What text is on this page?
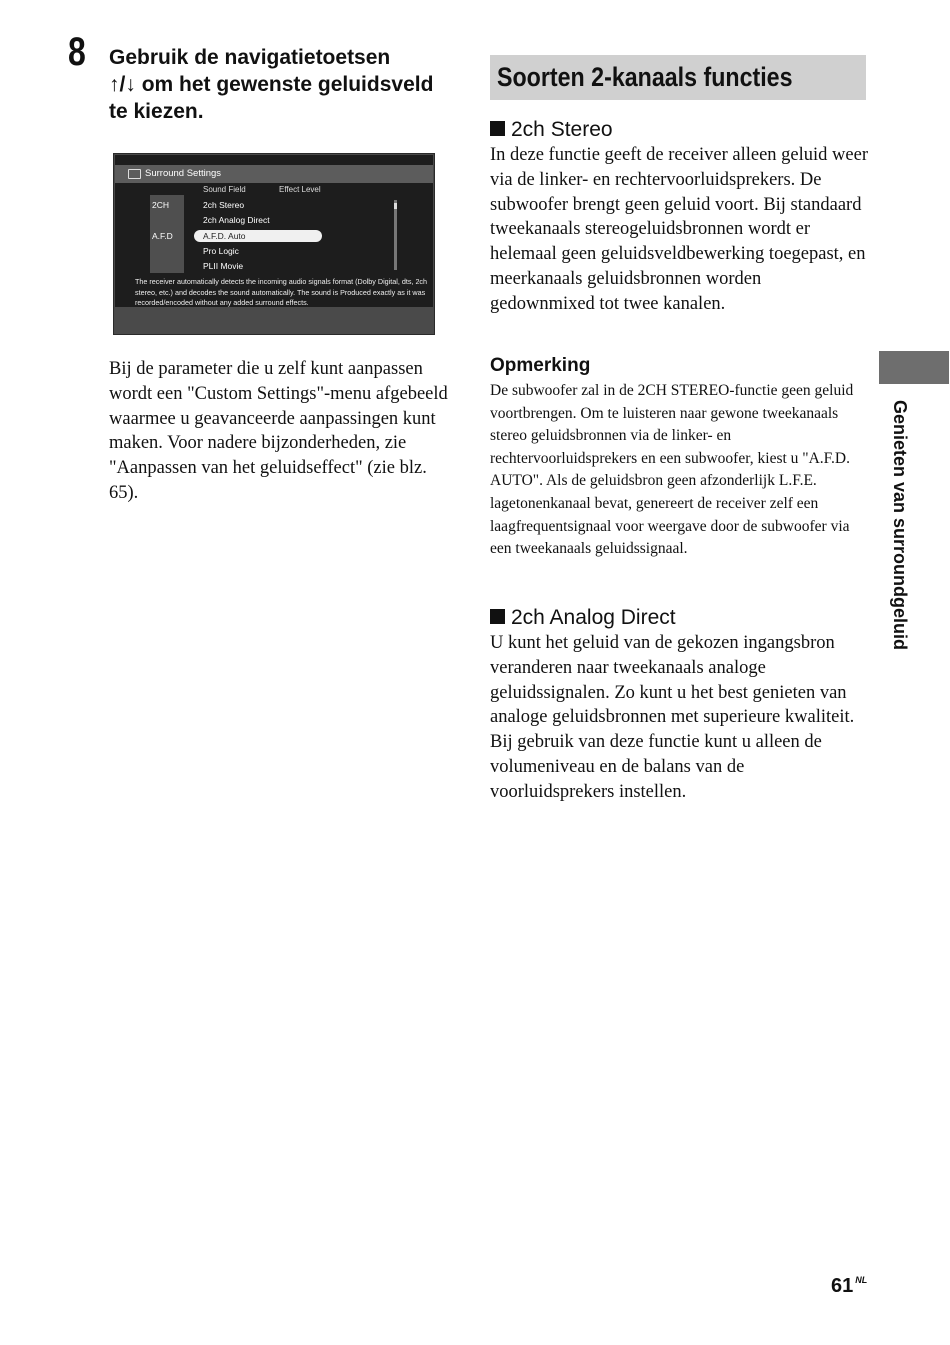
8 Gebruik de navigatietoetsen
↑/↓ om het gewenste geluidsveld te kiezen.

Surround Settings
Sound Field	Effect Level
2CH
A.F.D
2ch Stereo
2ch Analog Direct
A.F.D. Auto
Pro Logic
PLII Movie
The receiver automatically detects the incoming audio signals format (Dolby Digital, dts, 2ch stereo, etc.) and decodes the sound automatically. The sound is Produced exactly as it was recorded/encoded without any added surround effects.

Bij de parameter die u zelf kunt aanpassen wordt een "Custom Settings"-menu afgebeeld waarmee u geavanceerde aanpassingen kunt maken. Voor nadere bijzonderheden, zie "Aanpassen van het geluidseffect" (zie blz. 65).

Soorten 2-kanaals functies
2ch Stereo

In deze functie geeft de receiver alleen geluid weer via de linker- en rechtervoorluidsprekers. De subwoofer brengt geen geluid voort. Bij standaard tweekanaals stereogeluidsbronnen wordt er helemaal geen geluidsveldbewerking toegepast, en meerkanaals geluidsbronnen worden gedownmixed tot twee kanalen.

Opmerking

De subwoofer zal in de 2CH STEREO-functie geen geluid voortbrengen. Om te luisteren naar gewone tweekanaals stereo geluidsbronnen via de linker- en rechtervoorluidsprekers en een subwoofer, kiest u "A.F.D. AUTO". Als de geluidsbron geen afzonderlijk L.F.E. lagetonenkanaal bevat, genereert de receiver zelf een laagfrequentsignaal voor weergave door de subwoofer via een tweekanaals geluidssignaal.

2ch Analog Direct

U kunt het geluid van de gekozen ingangsbron veranderen naar tweekanaals analoge geluidssignalen. Zo kunt u het best genieten van analoge geluidsbronnen met superieure kwaliteit. Bij gebruik van deze functie kunt u alleen de volumeniveau en de balans van de voorluidsprekers instellen.

Genieten van surroundgeluid
61 $^{NL}$
